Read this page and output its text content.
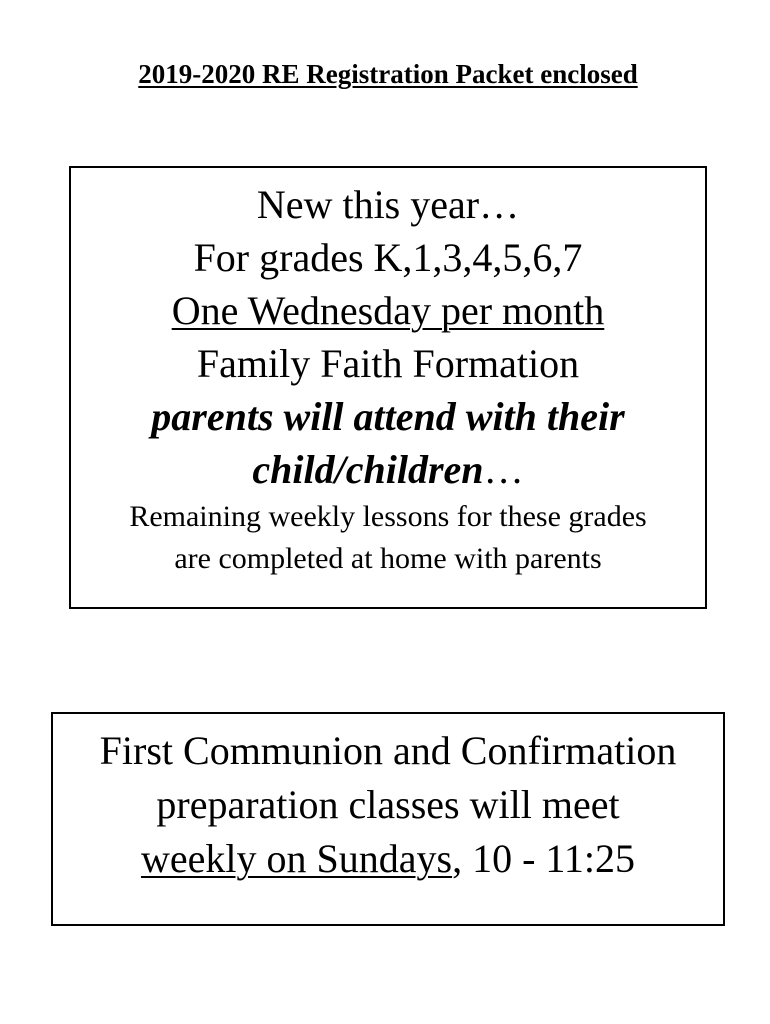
2019-2020 RE Registration Packet enclosed
New this year…
For grades K,1,3,4,5,6,7
One Wednesday per month
Family Faith Formation
parents will attend with their
child/children…
Remaining weekly lessons for these grades
are completed at home with parents
First Communion and Confirmation
preparation classes will meet
weekly on Sundays, 10 - 11:25
